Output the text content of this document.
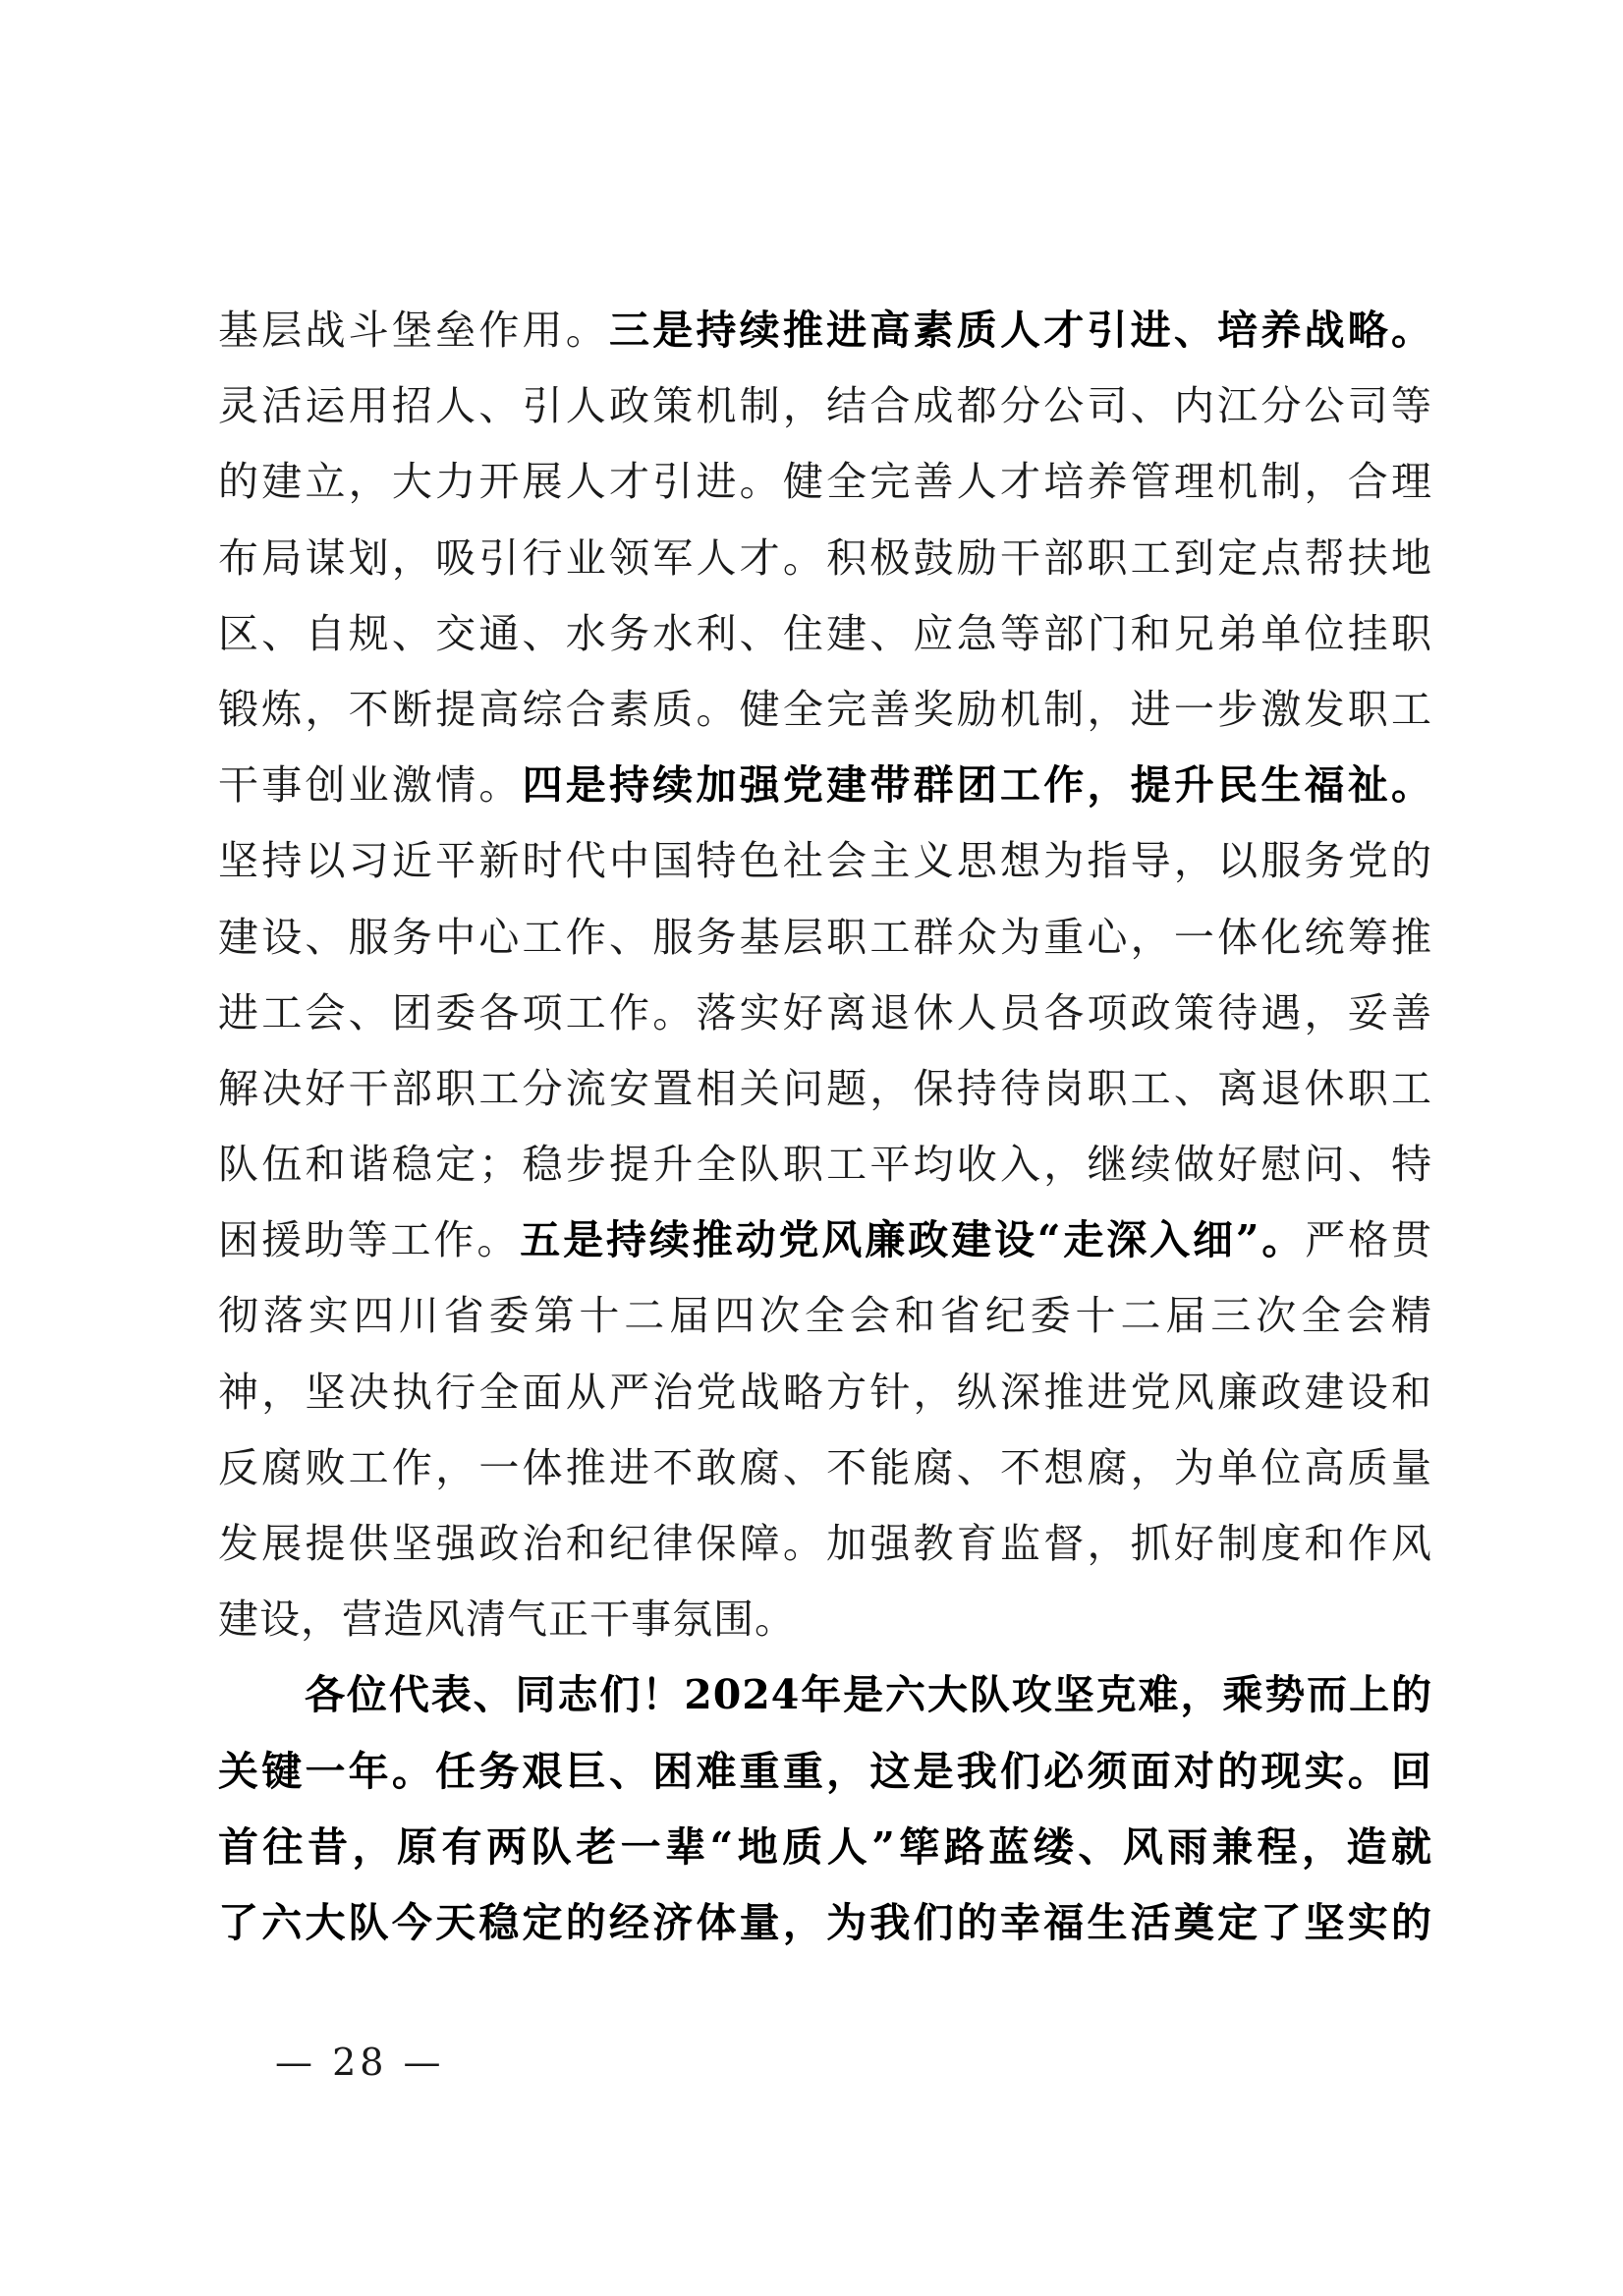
基层战斗堡垒作用。三是持续推进高素质人才引进、培养战略。
灵活运用招人、引人政策机制，结合成都分公司、内江分公司等
的建立，大力开展人才引进。健全完善人才培养管理机制，合理
布局谋划，吸引行业领军人才。积极鼓励干部职工到定点帮扶地
区、自规、交通、水务水利、住建、应急等部门和兄弟单位挂职
锻炼，不断提高综合素质。健全完善奖励机制，进一步激发职工
干事创业激情。四是持续加强党建带群团工作，提升民生福祉。
坚持以习近平新时代中国特色社会主义思想为指导，以服务党的
建设、服务中心工作、服务基层职工群众为重心，一体化统筹推
进工会、团委各项工作。落实好离退休人员各项政策待遇，妥善
解决好干部职工分流安置相关问题，保持待岗职工、离退休职工
队伍和谐稳定；稳步提升全队职工平均收入，继续做好慰问、特
困援助等工作。五是持续推动党风廉政建设“走深入细”。严格贯
彻落实四川省委第十二届四次全会和省纪委十二届三次全会精
神，坚决执行全面从严治党战略方针，纵深推进党风廉政建设和
反腐败工作，一体推进不敢腐、不能腐、不想腐，为单位高质量
发展提供坚强政治和纪律保障。加强教育监督，抓好制度和作风
建设，营造风清气正干事氛围。
各位代表、同志们！2024年是六大队攻坚克难，乘势而上的
关键一年。任务艰巨、困难重重，这是我们必须面对的现实。回
首往昔，原有两队老一辈“地质人”筚路蓝缕、风雨兼程，造就
了六大队今天稳定的经济体量，为我们的幸福生活奠定了坚实的
— 28 —
